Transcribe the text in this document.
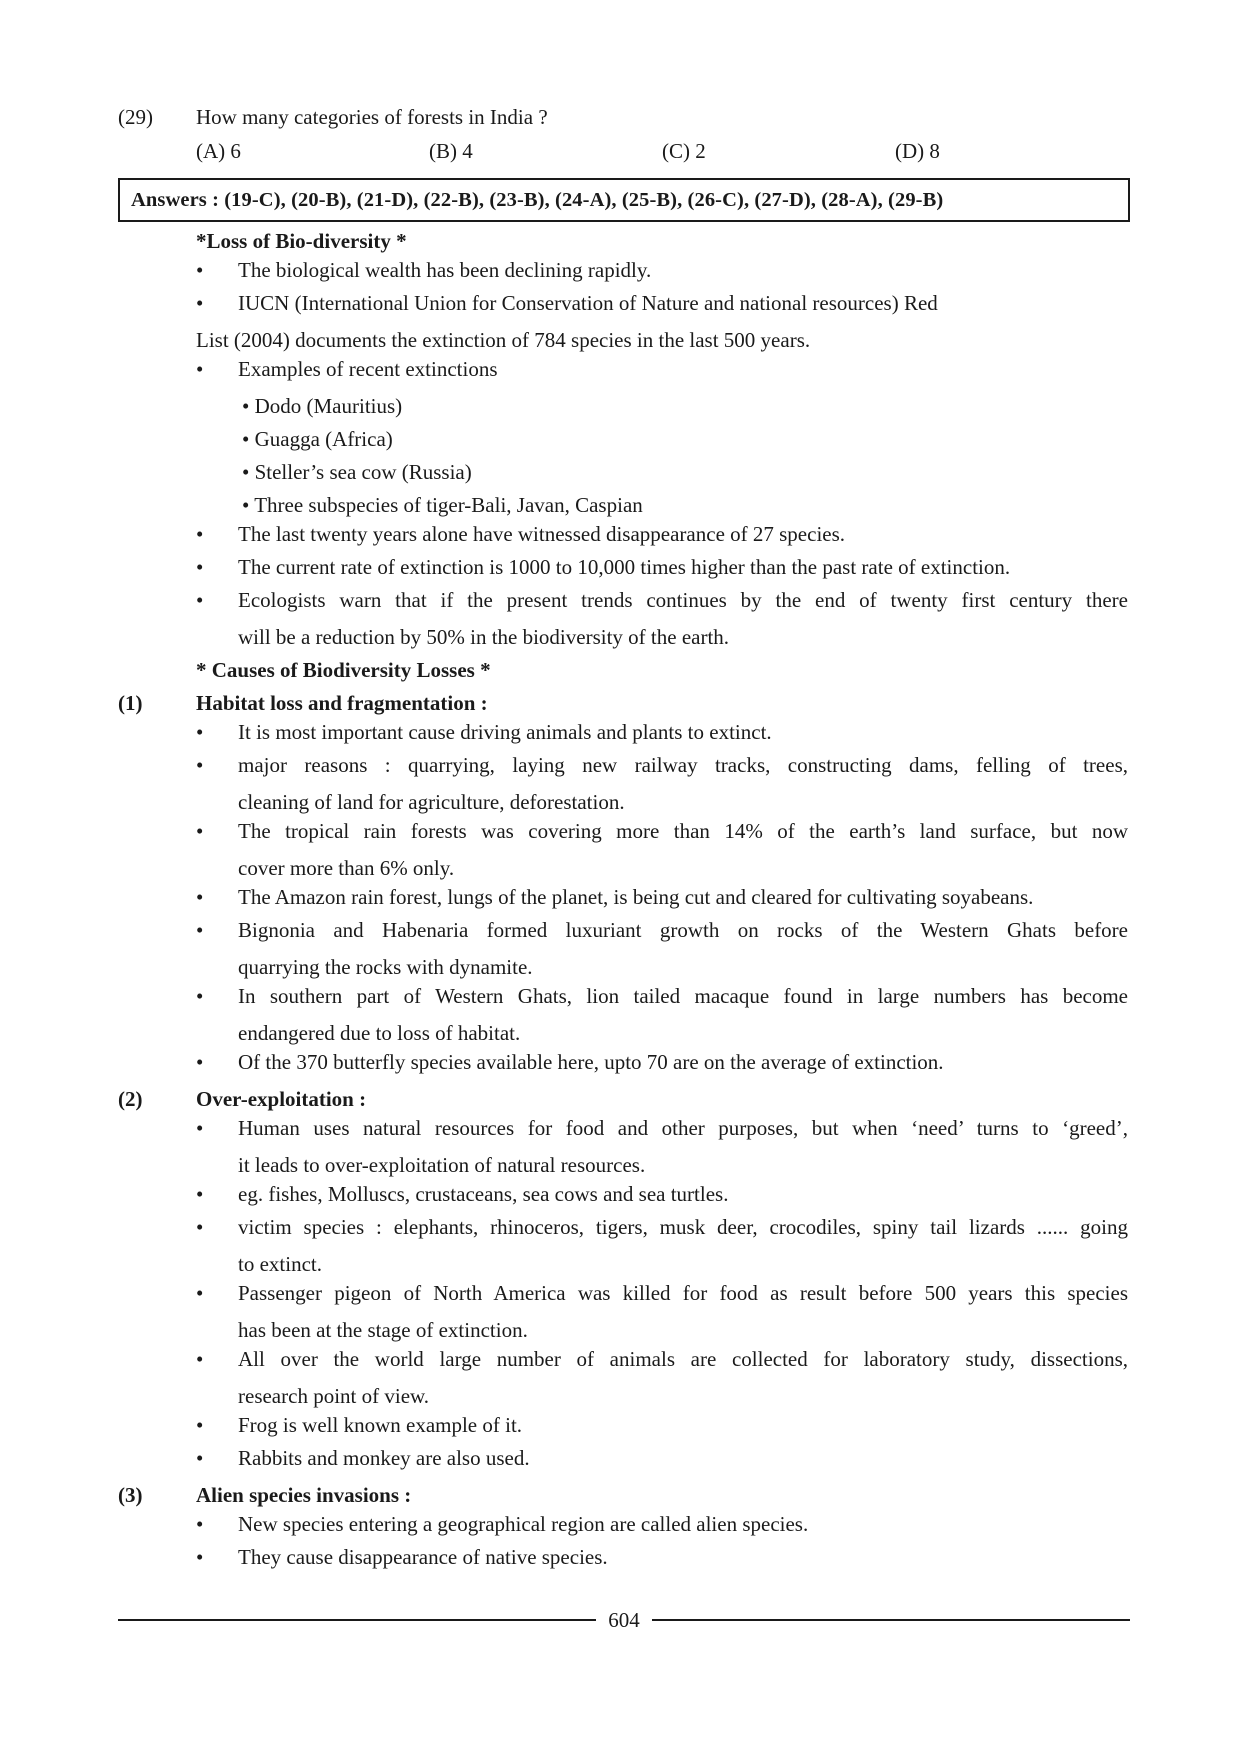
(29)	How many categories of forests in India ?
(A) 6	(B) 4	(C) 2	(D) 8
Answers : (19-C), (20-B), (21-D), (22-B), (23-B), (24-A), (25-B), (26-C), (27-D), (28-A), (29-B)
*Loss of Bio-diversity *
•	The biological wealth has been declining rapidly.
•	IUCN (International Union for Conservation of Nature and national resources) Red
List (2004) documents the extinction of 784 species in the last 500 years.
•	Examples of recent extinctions
• Dodo (Mauritius)
• Guagga (Africa)
• Steller’s sea cow (Russia)
• Three subspecies of tiger-Bali, Javan, Caspian
•	The last twenty years alone have witnessed disappearance of 27 species.
•	The current rate of extinction is 1000 to 10,000 times higher than the past rate of extinction.
•	Ecologists warn that if the present trends continues by the end of twenty first century there
will be a reduction by 50% in the biodiversity of the earth.
* Causes of Biodiversity Losses *
(1)	Habitat loss and fragmentation :
•	It is most important cause driving animals and plants to extinct.
•	major reasons : quarrying, laying new railway tracks, constructing dams, felling of trees,
cleaning of land for agriculture, deforestation.
•	The tropical rain forests was covering more than 14% of the earth’s land surface, but now
cover more than 6% only.
•	The Amazon rain forest, lungs of the planet, is being cut and cleared for cultivating soyabeans.
•	Bignonia and Habenaria formed luxuriant growth on rocks of the Western Ghats before
quarrying the rocks with dynamite.
•	In southern part of Western Ghats, lion tailed macaque found in large numbers has become
endangered due to loss of habitat.
•	Of the 370 butterfly species available here, upto 70 are on the average of extinction.
(2)	Over-exploitation :
•	Human uses natural resources for food and other purposes, but when ‘need’ turns to ‘greed’,
it leads to over-exploitation of natural resources.
•	eg. fishes, Molluscs, crustaceans, sea cows and sea turtles.
•	victim species : elephants, rhinoceros, tigers, musk deer, crocodiles, spiny tail lizards ...... going
to extinct.
•	Passenger pigeon of North America was killed for food as result before 500 years this species
has been at the stage of extinction.
•	All over the world large number of animals are collected for laboratory study, dissections,
research point of view.
•	Frog is well known example of it.
•	Rabbits and monkey are also used.
(3)	Alien species invasions :
•	New species entering a geographical region are called alien species.
•	They cause disappearance of native species.
604
